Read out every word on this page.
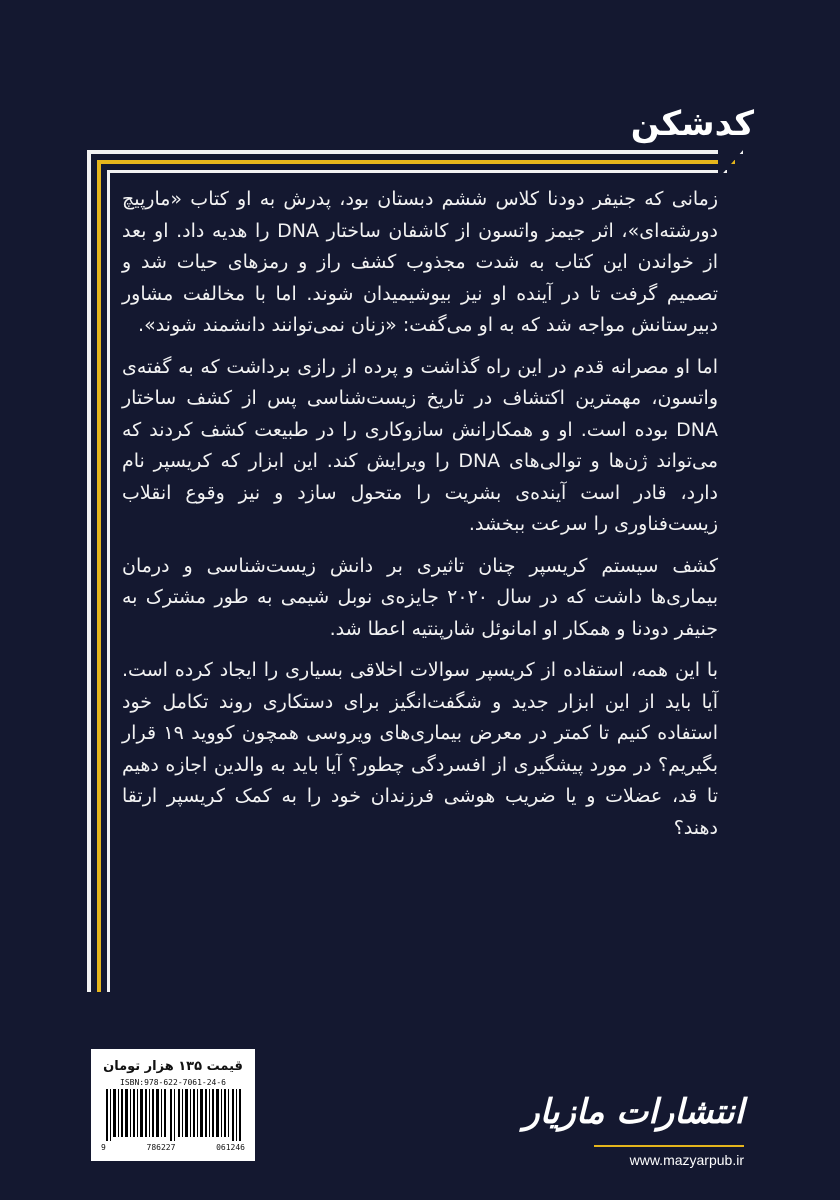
کدشکن

زمانی که جنیفر دودنا کلاس ششم دبستان بود، پدرش به او کتاب «مارپیچ دورشته‌ای»، اثر جیمز واتسون از کاشفان ساختار DNA را هدیه داد. او بعد از خواندن این کتاب به شدت مجذوب کشف راز و رمزهای حیات شد و تصمیم گرفت تا در آینده او نیز بیوشیمیدان شوند. اما با مخالفت مشاور دبیرستانش مواجه شد که به او می‌گفت: «زنان نمی‌توانند دانشمند شوند».

اما او مصرانه قدم در این راه گذاشت و پرده از رازی برداشت که به گفته‌ی واتسون، مهمترین اکتشاف در تاریخ زیست‌شناسی پس از کشف ساختار DNA بوده است. او و همکارانش سازوکاری را در طبیعت کشف کردند که می‌تواند ژن‌ها و توالی‌های DNA را ویرایش کند. این ابزار که کریسپر نام دارد، قادر است آینده‌ی بشریت را متحول سازد و نیز وقوع انقلاب زیست‌فناوری را سرعت ببخشد.

کشف سیستم کریسپر چنان تاثیری بر دانش زیست‌شناسی و درمان بیماری‌ها داشت که در سال ۲۰۲۰ جایزه‌ی نوبل شیمی به طور مشترک به جنیفر دودنا و همکار او امانوئل شارپنتیه اعطا شد.

با این همه، استفاده از کریسپر سوالات اخلاقی بسیاری را ایجاد کرده است. آیا باید از این ابزار جدید و شگفت‌انگیز برای دستکاری روند تکامل خود استفاده کنیم تا کمتر در معرض بیماری‌های ویروسی همچون کووید ۱۹ قرار بگیریم؟ در مورد پیشگیری از افسردگی چطور؟ آیا باید به والدین اجازه دهیم تا قد، عضلات و یا ضریب هوشی فرزندان خود را به کمک کریسپر ارتقا دهند؟

قیمت ۱۳۵ هزار تومان
ISBN:978-622-7061-24-6
9	786227	061246
انتشارات مازیار
www.mazyarpub.ir
